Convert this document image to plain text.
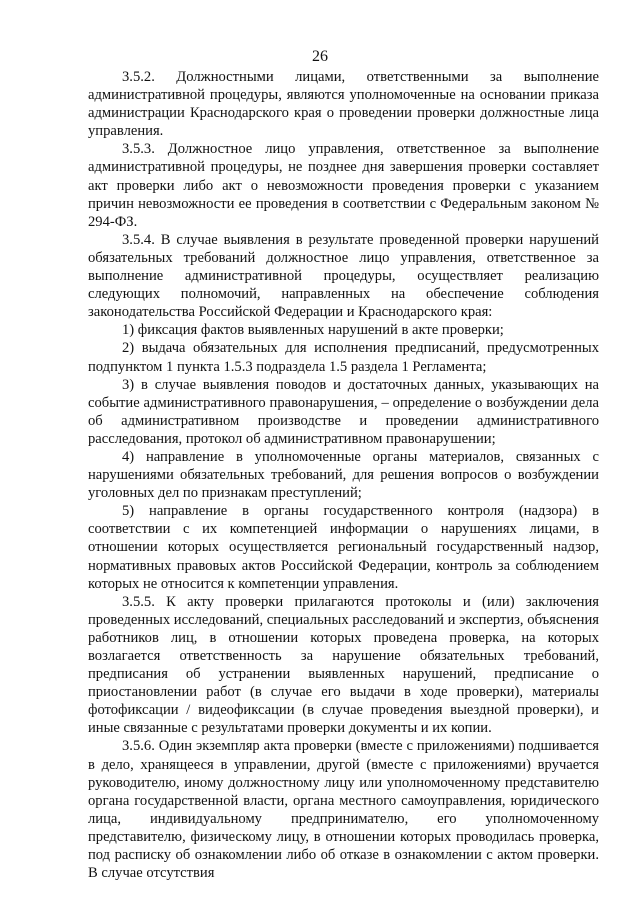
26

3.5.2. Должностными лицами, ответственными за выполнение административной процедуры, являются уполномоченные на основании приказа администрации Краснодарского края о проведении проверки должностные лица управления.

3.5.3. Должностное лицо управления, ответственное за выполнение административной процедуры, не позднее дня завершения проверки составляет акт проверки либо акт о невозможности проведения проверки с указанием причин невозможности ее проведения в соответствии с Федеральным законом № 294-ФЗ.

3.5.4. В случае выявления в результате проведенной проверки нарушений обязательных требований должностное лицо управления, ответственное за выполнение административной процедуры, осуществляет реализацию следующих полномочий, направленных на обеспечение соблюдения законодательства Российской Федерации и Краснодарского края:

1) фиксация фактов выявленных нарушений в акте проверки;

2) выдача обязательных для исполнения предписаний, предусмотренных подпунктом 1 пункта 1.5.3 подраздела 1.5 раздела 1 Регламента;

3) в случае выявления поводов и достаточных данных, указывающих на событие административного правонарушения, – определение о возбуждении дела об административном производстве и проведении административного расследования, протокол об административном правонарушении;

4) направление в уполномоченные органы материалов, связанных с нарушениями обязательных требований, для решения вопросов о возбуждении уголовных дел по признакам преступлений;

5) направление в органы государственного контроля (надзора) в соответствии с их компетенцией информации о нарушениях лицами, в отношении которых осуществляется региональный государственный надзор, нормативных правовых актов Российской Федерации, контроль за соблюдением которых не относится к компетенции управления.

3.5.5. К акту проверки прилагаются протоколы и (или) заключения проведенных исследований, специальных расследований и экспертиз, объяснения работников лиц, в отношении которых проведена проверка, на которых возлагается ответственность за нарушение обязательных требований, предписания об устранении выявленных нарушений, предписание о приостановлении работ (в случае его выдачи в ходе проверки), материалы фотофиксации / видеофиксации (в случае проведения выездной проверки), и иные связанные с результатами проверки документы и их копии.

3.5.6. Один экземпляр акта проверки (вместе с приложениями) подшивается в дело, хранящееся в управлении, другой (вместе с приложениями) вручается руководителю, иному должностному лицу или уполномоченному представителю органа государственной власти, органа местного самоуправления, юридического лица, индивидуальному предпринимателю, его уполномоченному представителю, физическому лицу, в отношении которых проводилась проверка, под расписку об ознакомлении либо об отказе в ознакомлении с актом проверки. В случае отсутствия
